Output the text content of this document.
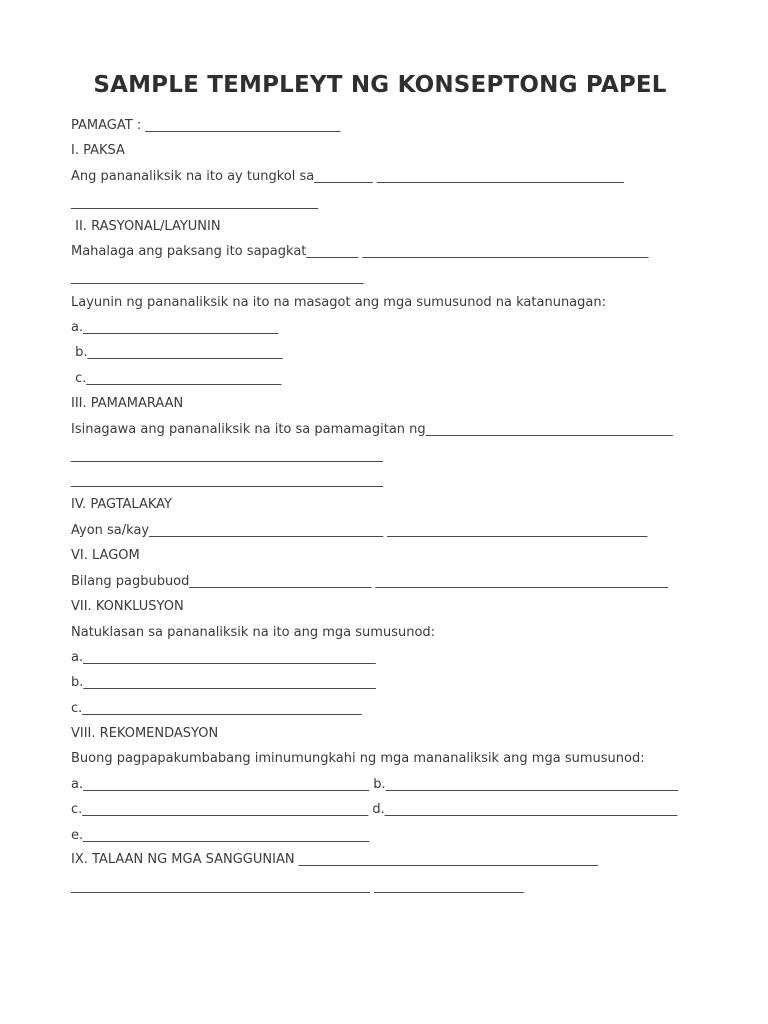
SAMPLE TEMPLEYT NG KONSEPTONG PAPEL
PAMAGAT : ______________________________
I. PAKSA
Ang pananaliksik na ito ay tungkol sa_________ ______________________________________
______________________________________
II. RASYONAL/LAYUNIN
Mahalaga ang paksang ito sapagkat________ ____________________________________________
_____________________________________________
Layunin ng pananaliksik na ito na masagot ang mga sumusunod na katanunagan:
a.______________________________
b.______________________________
c.______________________________
III. PAMAMARAAN
Isinagawa ang pananaliksik na ito sa pamamagitan ng______________________________________
________________________________________________
________________________________________________
IV. PAGTALAKAY
Ayon sa/kay____________________________________ ________________________________________
VI. LAGOM
Bilang pagbubuod____________________________ _____________________________________________
VII. KONKLUSYON
Natuklasan sa pananaliksik na ito ang mga sumusunod:
a._____________________________________________
b._____________________________________________
c.___________________________________________
VIII. REKOMENDASYON
Buong pagpapakumbabang iminumungkahi ng mga mananaliksik ang mga sumusunod:
a.____________________________________________ b._____________________________________________
c.____________________________________________ d._____________________________________________
e.____________________________________________
IX. TALAAN NG MGA SANGGUNIAN ______________________________________________
______________________________________________ _______________________
